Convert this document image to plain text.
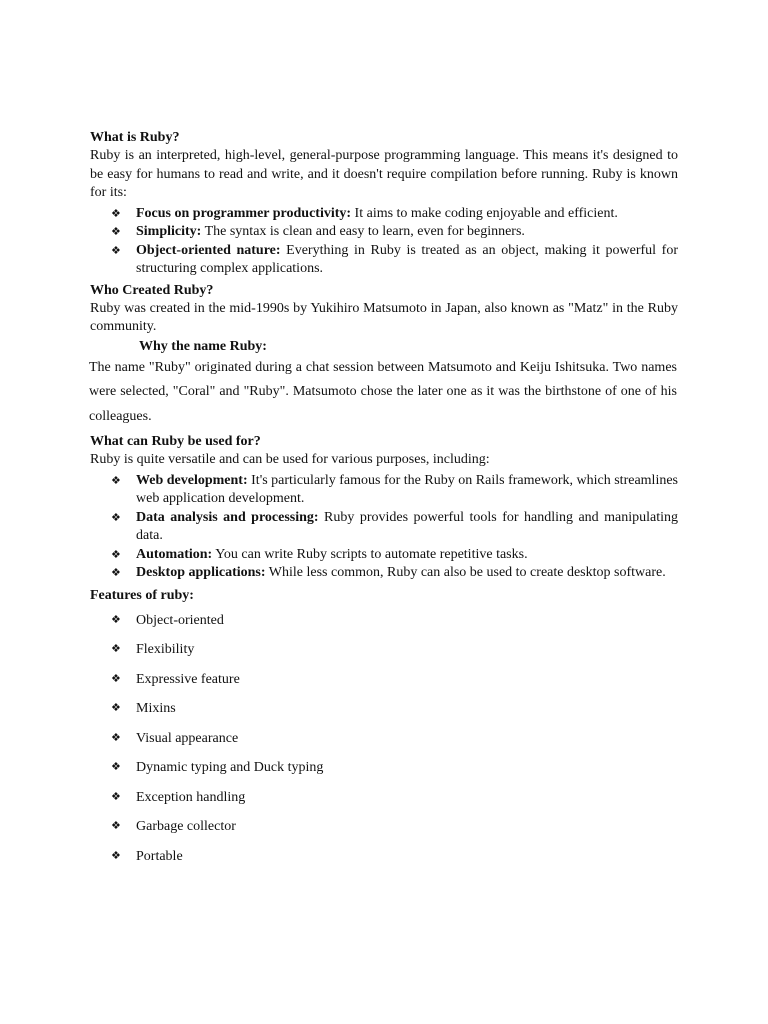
What is Ruby?

Ruby is an interpreted, high-level, general-purpose programming language. This means it's designed to be easy for humans to read and write, and it doesn't require compilation before running. Ruby is known for its:

❖ Focus on programmer productivity: It aims to make coding enjoyable and efficient.
❖ Simplicity: The syntax is clean and easy to learn, even for beginners.
❖ Object-oriented nature: Everything in Ruby is treated as an object, making it powerful for structuring complex applications.

Who Created Ruby?

Ruby was created in the mid-1990s by Yukihiro Matsumoto in Japan, also known as "Matz" in the Ruby community.

Why the name Ruby:

The name "Ruby" originated during a chat session between Matsumoto and Keiju Ishitsuka. Two names were selected, "Coral" and "Ruby". Matsumoto chose the later one as it was the birthstone of one of his colleagues.

What can Ruby be used for?

Ruby is quite versatile and can be used for various purposes, including:

❖ Web development: It's particularly famous for the Ruby on Rails framework, which streamlines web application development.
❖ Data analysis and processing: Ruby provides powerful tools for handling and manipulating data.
❖ Automation: You can write Ruby scripts to automate repetitive tasks.
❖ Desktop applications: While less common, Ruby can also be used to create desktop software.

Features of ruby:

❖ Object-oriented
❖ Flexibility
❖ Expressive feature
❖ Mixins
❖ Visual appearance
❖ Dynamic typing and Duck typing
❖ Exception handling
❖ Garbage collector
❖ Portable
